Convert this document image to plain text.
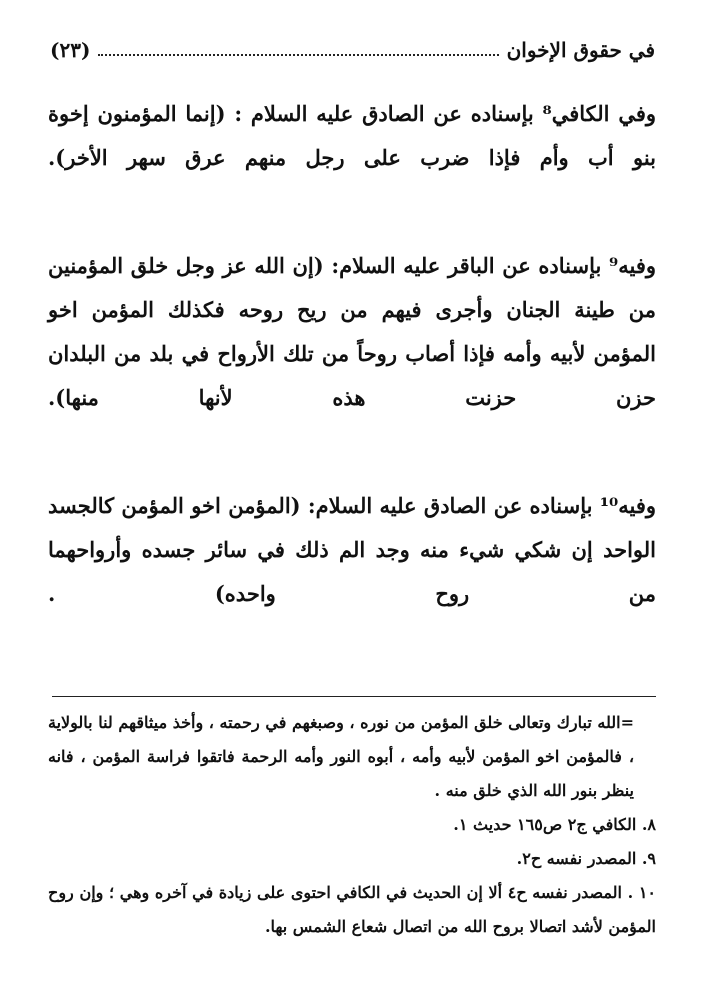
في حقوق الإخوان
(٢٣)

وفي الكافي⁸ بإسناده عن الصادق عليه السلام : (إنما المؤمنون إخوة بنو أب وأم فإذا ضرب على رجل منهم عرق سهر الأخر).

وفيه⁹ بإسناده عن الباقر عليه السلام: (إن الله عز وجل خلق المؤمنين من طينة الجنان وأجرى فيهم من ريح روحه فكذلك المؤمن اخو المؤمن لأبيه وأمه فإذا أصاب روحاً من تلك الأرواح في بلد من البلدان حزن حزنت هذه لأنها منها).

وفيه¹⁰ بإسناده عن الصادق عليه السلام: (المؤمن اخو المؤمن كالجسد الواحد إن شكي شيء منه وجد الم ذلك في سائر جسده وأرواحهما من روح واحده) .

=الله تبارك وتعالى خلق المؤمن من نوره ، وصبغهم في رحمته ، وأخذ ميثاقهم لنا بالولاية ، فالمؤمن اخو المؤمن لأبيه وأمه ، أبوه النور وأمه الرحمة فاتقوا فراسة المؤمن ، فانه ينظر بنور الله الذي خلق منه .

٨. الكافي ج٢ ص١٦٥ حديث ١.

٩. المصدر نفسه ح٢.

١٠ . المصدر نفسه ح٤ ألا إن الحديث في الكافي احتوى على زيادة في آخره وهي ؛ وإن روح المؤمن لأشد اتصالا بروح الله من اتصال شعاع الشمس بها.
